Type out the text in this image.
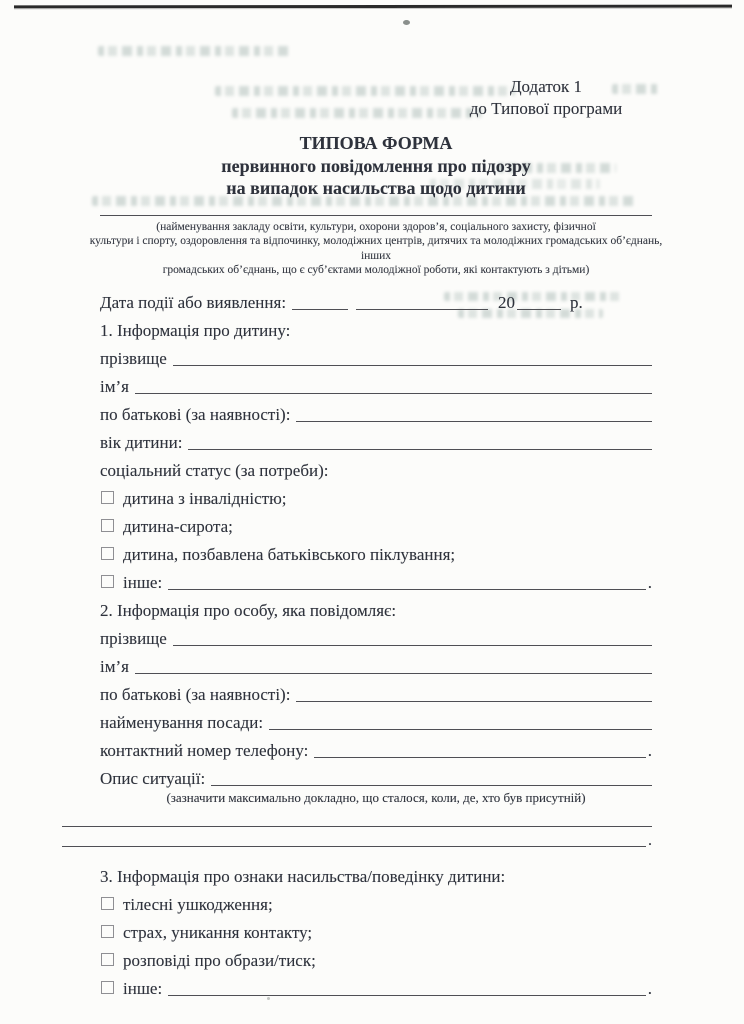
Додаток 1
до Типової програми
ТИПОВА ФОРМА
первинного повідомлення про підозру
на випадок насильства щодо дитини
(найменування закладу освіти, культури, охорони здоров’я, соціального захисту, фізичної
культури і спорту, оздоровлення та відпочинку, молодіжних центрів, дитячих та молодіжних громадських об’єднань, інших
громадських об’єднань, що є суб’єктами молодіжної роботи, які контактують з дітьми)
Дата події або виявлення:	20	р.
1. Інформація про дитину:
прізвище
ім’я
по батькові (за наявності):
вік дитини:
соціальний статус (за потреби):
дитина з інвалідністю;
дитина-сирота;
дитина, позбавлена батьківського піклування;
інше:	.
2. Інформація про особу, яка повідомляє:
прізвище
ім’я
по батькові (за наявності):
найменування посади:
контактний номер телефону:	.
Опис ситуації:
(зазначити максимально докладно, що сталося, коли, де, хто був присутній)
.
3. Інформація про ознаки насильства/поведінку дитини:
тілесні ушкодження;
страх, уникання контакту;
розповіді про образи/тиск;
інше:	.
